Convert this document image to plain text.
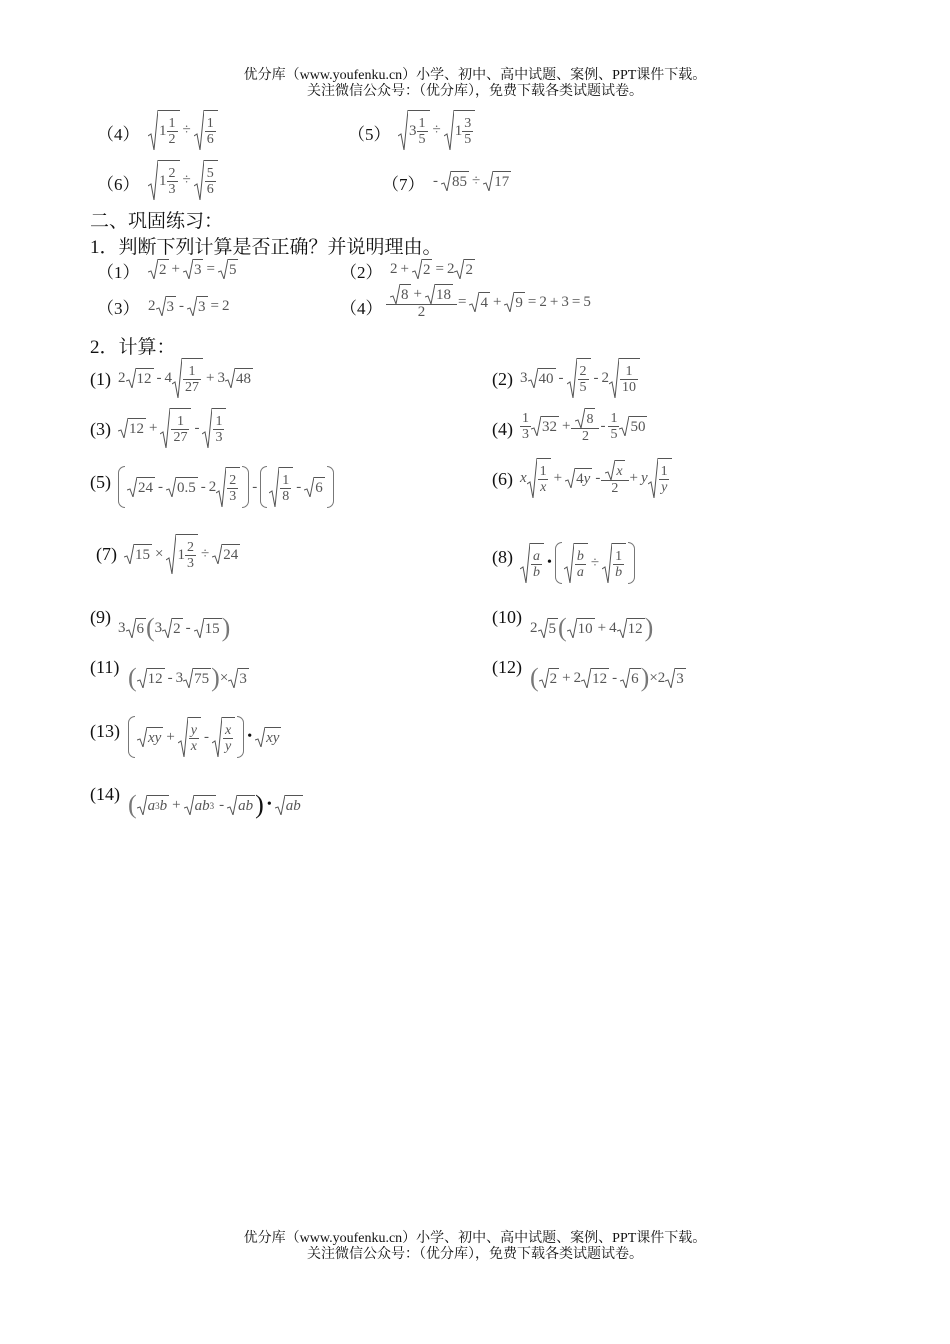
优分库（www.youfenku.cn）小学、初中、高中试题、案例、PPT课件下载。
关注微信公众号：（优分库），免费下载各类试题试卷。
（4） $1 \frac{1}{2} \div \frac{1}{6}$	（5） $3 \frac{1}{5} \div 1 \frac{3}{5}$
（6） $1 \frac{2}{3} \div \frac{5}{6}$	（7） - 85 ÷ 17
二、巩固练习：
1．判断下列计算是否正确？并说明理由。
（1） 2 + 3 = 5	（2） 2 + 2 = 2 2
（3） 2 3 - 3 = 2	$(4) \frac{8 + 18}{2} = 4 + 9 = 2 + 3 = 5$
2．计算：
(1) 2 $12 - 4 \frac{1}{27} + 3$ 48	(2) 3 $40 - \frac{2}{5} - 2 \frac{1}{10}$
(3) $12 + \frac{1}{27} - \frac{1}{3}$	$(4) \frac{1}{3} 32 + \frac{8}{2} - \frac{1}{5} 50$
(5) $24 - 0.5 - 2 \frac{2}{3} - \frac{1}{8} - 6$	(6) x $\frac{1}{x} + 4$ $y - \frac{x}{2} + y \frac{1}{y}$
(7) $15 \times 1 \frac{2}{3} \div 24$	$(8) \frac{a}{b}$ • $\frac{b}{a} \div \frac{1}{b}$
(9)
3 6 ( 3 2 - 15 )	(10)
2 5 ( 10 + 4 12 )
(11) ( 12 - 3 75 ) × 3
(12) ( 2 + 2 12 - 6 ) × 2 3
(13) xy + $\frac{y}{x} - \frac{x}{y}$ • xy
(14) ( a 3 b + ab 3 - ab ) • ab
优分库（www.youfenku.cn）小学、初中、高中试题、案例、PPT课件下载。
关注微信公众号：（优分库），免费下载各类试题试卷。
